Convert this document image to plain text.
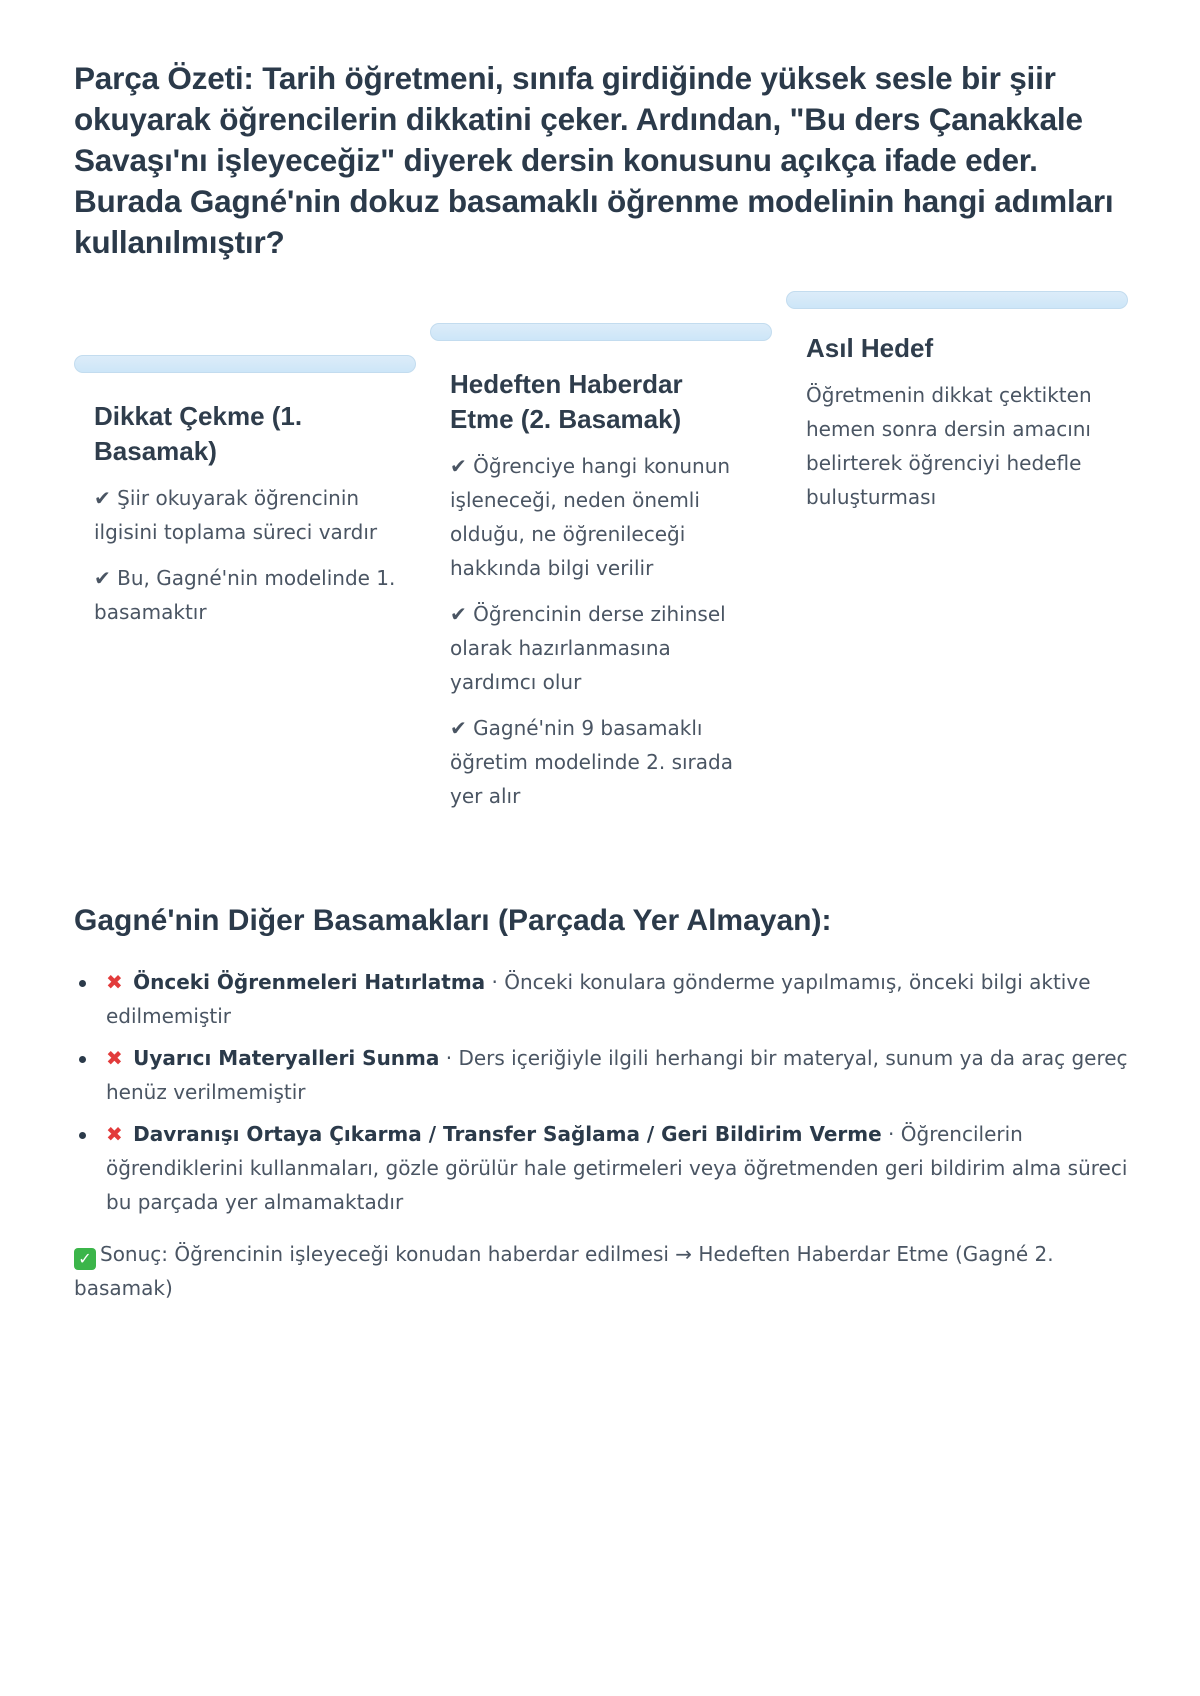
Parça Özeti: Tarih öğretmeni, sınıfa girdiğinde yüksek sesle bir şiir okuyarak öğrencilerin dikkatini çeker. Ardından, "Bu ders Çanakkale Savaşı'nı işleyeceğiz" diyerek dersin konusunu açıkça ifade eder. Burada Gagné'nin dokuz basamaklı öğrenme modelinin hangi adımları kullanılmıştır?
Dikkat Çekme (1. Basamak)

✔ Şiir okuyarak öğrencinin ilgisini toplama süreci vardır

✔ Bu, Gagné'nin modelinde 1. basamaktır

Hedeften Haberdar Etme (2. Basamak)

✔ Öğrenciye hangi konunun işleneceği, neden önemli olduğu, ne öğrenileceği hakkında bilgi verilir

✔ Öğrencinin derse zihinsel olarak hazırlanmasına yardımcı olur

✔ Gagné'nin 9 basamaklı öğretim modelinde 2. sırada yer alır

Asıl Hedef

Öğretmenin dikkat çektikten hemen sonra dersin amacını belirterek öğrenciyi hedefle buluşturması

Gagné'nin Diğer Basamakları (Parçada Yer Almayan):
✖ Önceki Öğrenmeleri Hatırlatma · Önceki konulara gönderme yapılmamış, önceki bilgi aktive edilmemiştir
✖ Uyarıcı Materyalleri Sunma · Ders içeriğiyle ilgili herhangi bir materyal, sunum ya da araç gereç henüz verilmemiştir
✖ Davranışı Ortaya Çıkarma / Transfer Sağlama / Geri Bildirim Verme · Öğrencilerin öğrendiklerini kullanmaları, gözle görülür hale getirmeleri veya öğretmenden geri bildirim alma süreci bu parçada yer almamaktadır
✓ Sonuç: Öğrencinin işleyeceği konudan haberdar edilmesi → Hedeften Haberdar Etme (Gagné 2. basamak)
